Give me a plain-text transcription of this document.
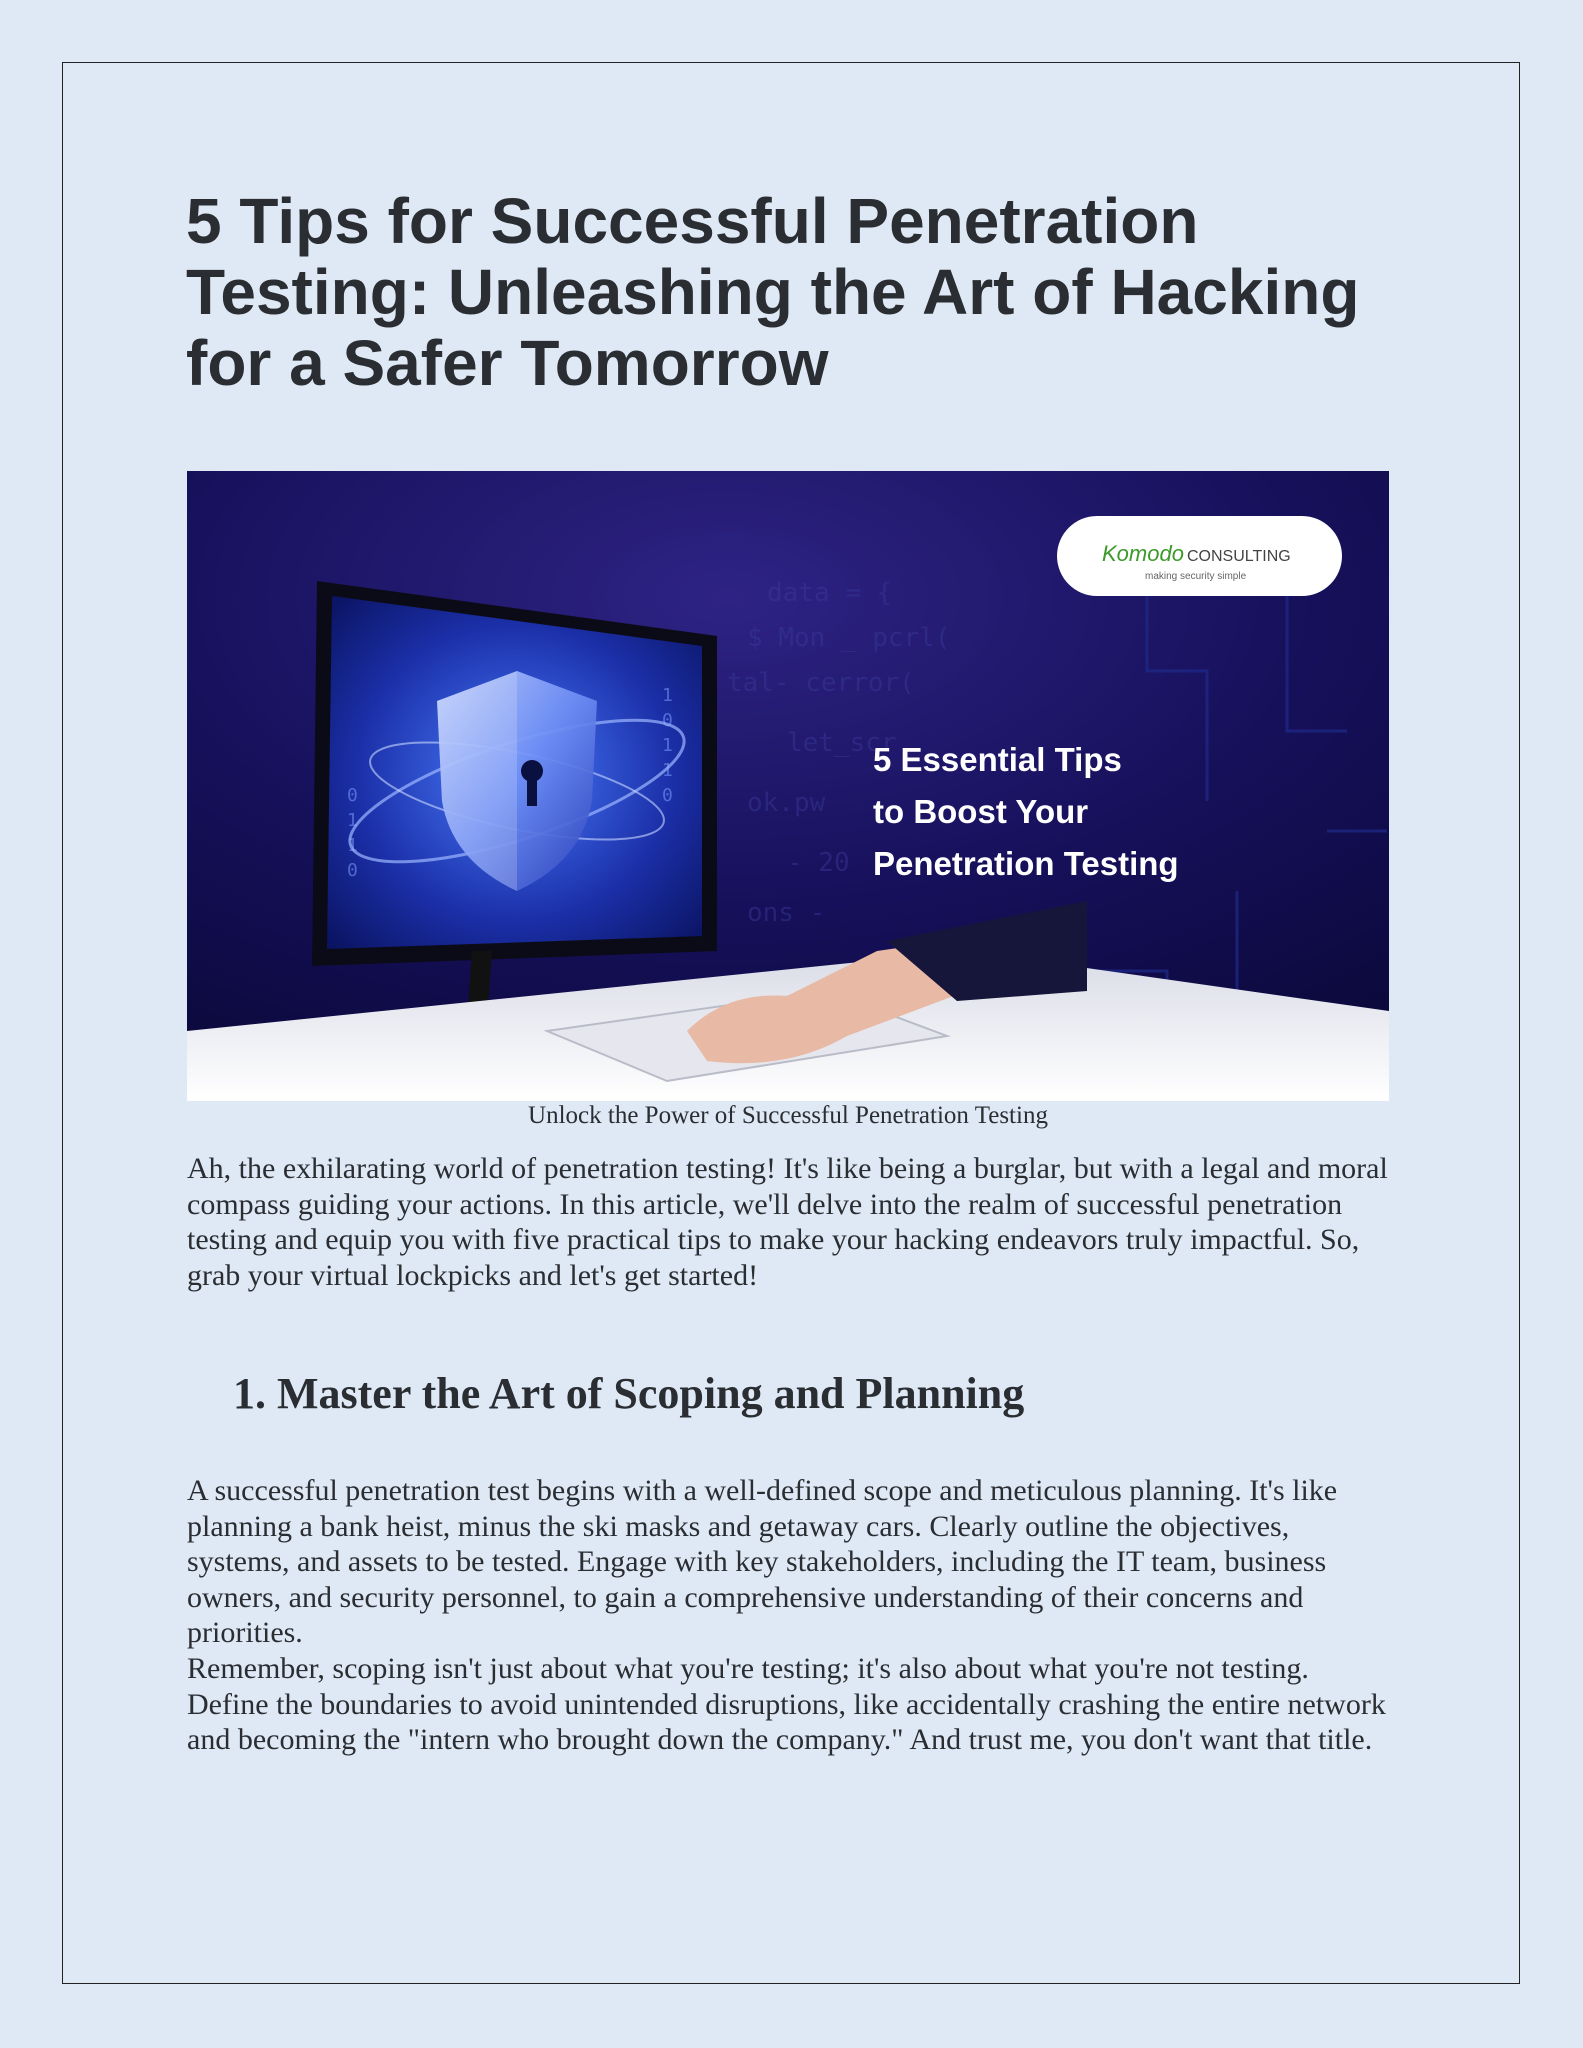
5 Tips for Successful Penetration Testing: Unleashing the Art of Hacking for a Safer Tomorrow
data = {
$ Mon _ pcrl(
tal- cerror(
let_scr
ok.pw
- 20
ons -
0
1
1
0
1
0
1
1
0
Komodo CONSULTING
making security simple
5 Essential Tips
to Boost Your
Penetration Testing
Unlock the Power of Successful Penetration Testing

Ah, the exhilarating world of penetration testing! It's like being a burglar, but with a legal and moral compass guiding your actions. In this article, we'll delve into the realm of successful penetration testing and equip you with five practical tips to make your hacking endeavors truly impactful. So, grab your virtual lockpicks and let's get started!

1. Master the Art of Scoping and Planning

A successful penetration test begins with a well-defined scope and meticulous planning. It's like planning a bank heist, minus the ski masks and getaway cars. Clearly outline the objectives, systems, and assets to be tested. Engage with key stakeholders, including the IT team, business owners, and security personnel, to gain a comprehensive understanding of their concerns and priorities.

Remember, scoping isn't just about what you're testing; it's also about what you're not testing. Define the boundaries to avoid unintended disruptions, like accidentally crashing the entire network and becoming the "intern who brought down the company." And trust me, you don't want that title.
